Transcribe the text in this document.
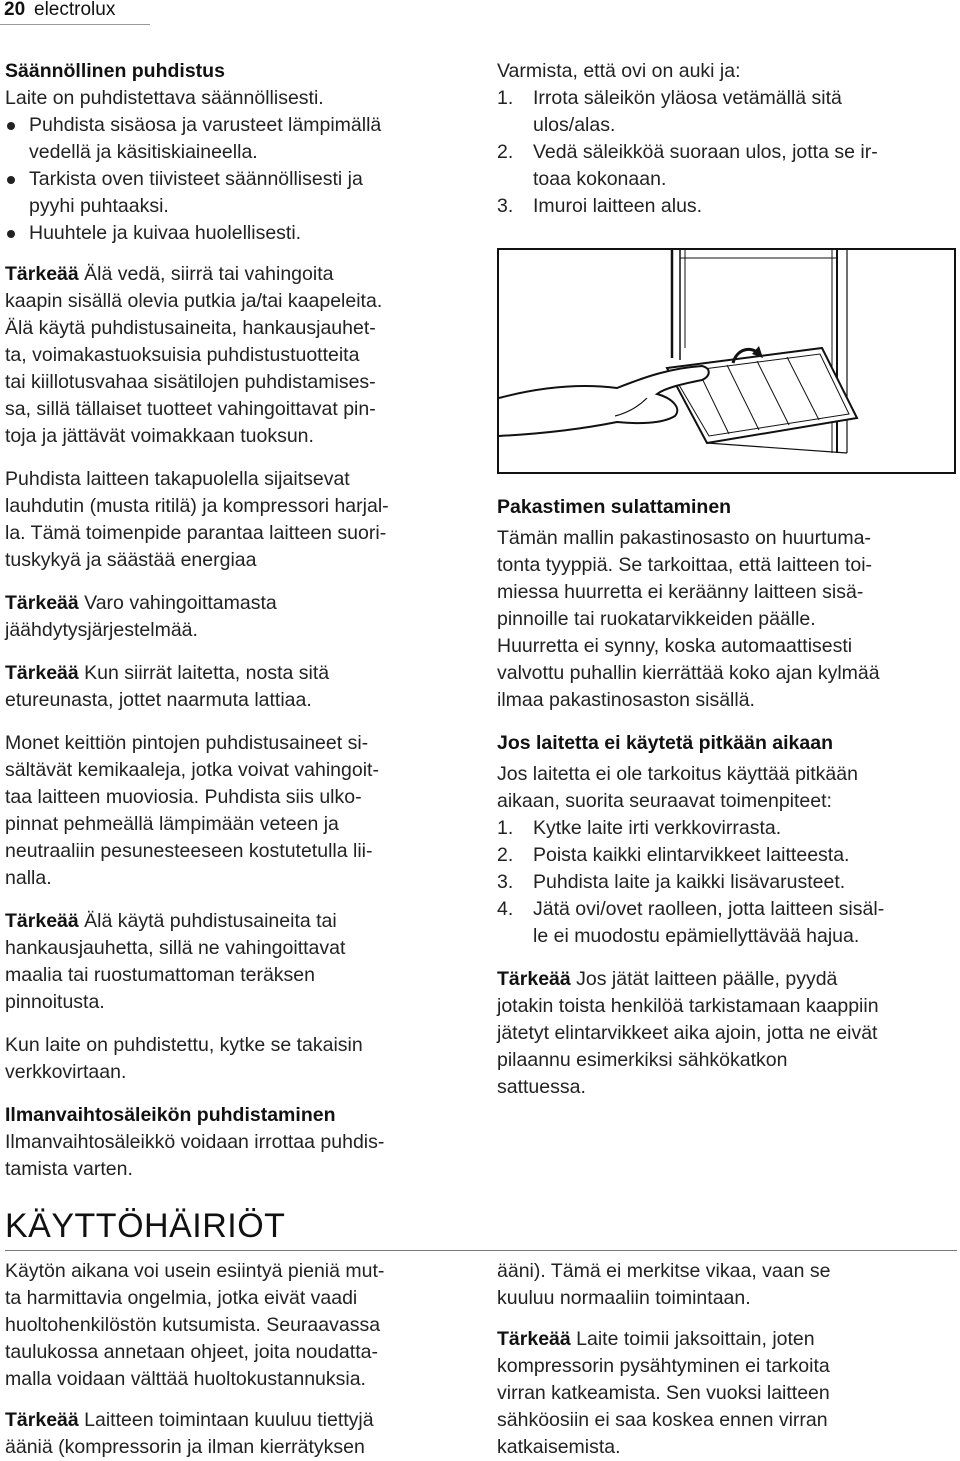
20 electrolux

Säännöllinen puhdistus

Laite on puhdistettava säännöllisesti.

Puhdista sisäosa ja varusteet lämpimällä
vedellä ja käsitiskiaineella.
Tarkista oven tiivisteet säännöllisesti ja
pyyhi puhtaaksi.
Huuhtele ja kuivaa huolellisesti.

Tärkeää Älä vedä, siirrä tai vahingoita
kaapin sisällä olevia putkia ja/tai kaapeleita.
Älä käytä puhdistusaineita, hankausjauhet-
ta, voimakastuoksuisia puhdistustuotteita
tai kiillotusvahaa sisätilojen puhdistamises-
sa, sillä tällaiset tuotteet vahingoittavat pin-
toja ja jättävät voimakkaan tuoksun.

Puhdista laitteen takapuolella sijaitsevat
lauhdutin (musta ritilä) ja kompressori harjal-
la. Tämä toimenpide parantaa laitteen suori-
tuskykyä ja säästää energiaa

Tärkeää Varo vahingoittamasta
jäähdytysjärjestelmää.

Tärkeää Kun siirrät laitetta, nosta sitä
etureunasta, jottet naarmuta lattiaa.

Monet keittiön pintojen puhdistusaineet si-
sältävät kemikaaleja, jotka voivat vahingoit-
taa laitteen muoviosia. Puhdista siis ulko-
pinnat pehmeällä lämpimään veteen ja
neutraaliin pesunesteeseen kostutetulla lii-
nalla.

Tärkeää Älä käytä puhdistusaineita tai
hankausjauhetta, sillä ne vahingoittavat
maalia tai ruostumattoman teräksen
pinnoitusta.

Kun laite on puhdistettu, kytke se takaisin
verkkovirtaan.

Ilmanvaihtosäleikön puhdistaminen

Ilmanvaihtosäleikkö voidaan irrottaa puhdis-
tamista varten.

Varmista, että ovi on auki ja:

1. Irrota säleikön yläosa vetämällä sitä
ulos/alas.
2. Vedä säleikköä suoraan ulos, jotta se ir-
toaa kokonaan.
3. Imuroi laitteen alus.

Pakastimen sulattaminen

Tämän mallin pakastinosasto on huurtuma-
tonta tyyppiä. Se tarkoittaa, että laitteen toi-
miessa huurretta ei keräänny laitteen sisä-
pinnoille tai ruokatarvikkeiden päälle.
Huurretta ei synny, koska automaattisesti
valvottu puhallin kierrättää koko ajan kylmää
ilmaa pakastinosaston sisällä.

Jos laitetta ei käytetä pitkään aikaan

Jos laitetta ei ole tarkoitus käyttää pitkään
aikaan, suorita seuraavat toimenpiteet:

1. Kytke laite irti verkkovirrasta.
2. Poista kaikki elintarvikkeet laitteesta.
3. Puhdista laite ja kaikki lisävarusteet.
4. Jätä ovi/ovet raolleen, jotta laitteen sisäl-
le ei muodostu epämiellyttävää hajua.

Tärkeää Jos jätät laitteen päälle, pyydä
jotakin toista henkilöä tarkistamaan kaappiin
jätetyt elintarvikkeet aika ajoin, jotta ne eivät
pilaannu esimerkiksi sähkökatkon
sattuessa.

KÄYTTÖHÄIRIÖT

Käytön aikana voi usein esiintyä pieniä mut-
ta harmittavia ongelmia, jotka eivät vaadi
huoltohenkilöstön kutsumista. Seuraavassa
taulukossa annetaan ohjeet, joita noudatta-
malla voidaan välttää huoltokustannuksia.

Tärkeää Laitteen toimintaan kuuluu tiettyjä
ääniä (kompressorin ja ilman kierrätyksen

ääni). Tämä ei merkitse vikaa, vaan se
kuuluu normaaliin toimintaan.

Tärkeää Laite toimii jaksoittain, joten
kompressorin pysähtyminen ei tarkoita
virran katkeamista. Sen vuoksi laitteen
sähköosiin ei saa koskea ennen virran
katkaisemista.
